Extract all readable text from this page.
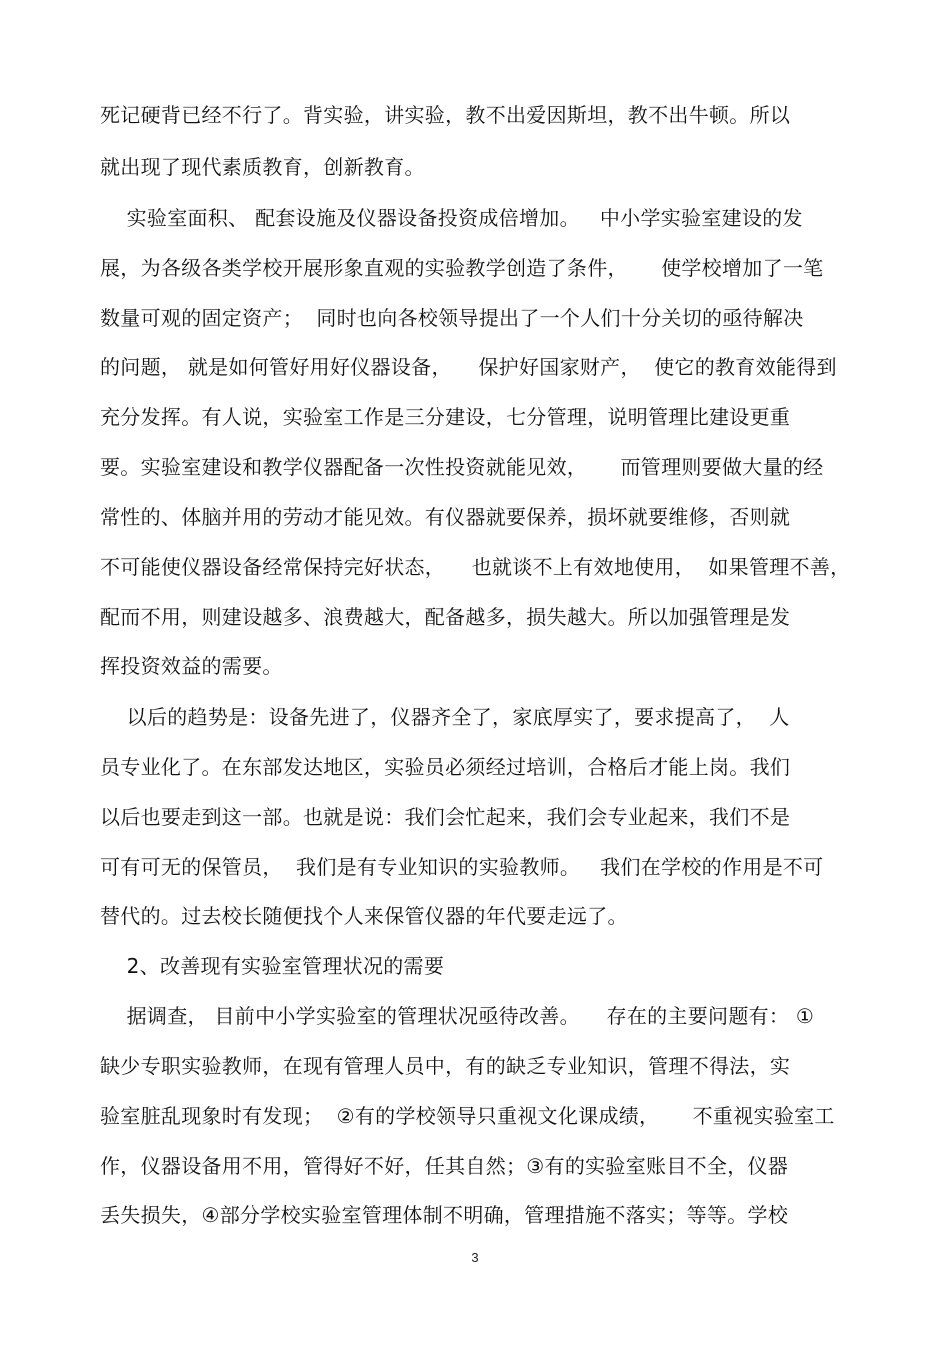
死记硬背已经不行了。背实验，讲实验，教不出爱因斯坦，教不出牛顿。所以
就出现了现代素质教育，创新教育。
实验室面积、 配套设施及仪器设备投资成倍增加。   中小学实验室建设的发
展，为各级各类学校开展形象直观的实验教学创造了条件，     使学校增加了一笔
数量可观的固定资产；  同时也向各校领导提出了一个人们十分关切的亟待解决
的问题， 就是如何管好用好仪器设备，    保护好国家财产，  使它的教育效能得到
充分发挥。有人说，实验室工作是三分建设，七分管理，说明管理比建设更重
要。实验室建设和教学仪器配备一次性投资就能见效，     而管理则要做大量的经
常性的、体脑并用的劳动才能见效。有仪器就要保养，损坏就要维修，否则就
不可能使仪器设备经常保持完好状态，    也就谈不上有效地使用，  如果管理不善，
配而不用，则建设越多、浪费越大，配备越多，损失越大。所以加强管理是发
挥投资效益的需要。
以后的趋势是：设备先进了，仪器齐全了，家底厚实了，要求提高了，  人
员专业化了。在东部发达地区，实验员必须经过培训，合格后才能上岗。我们
以后也要走到这一部。也就是说：我们会忙起来，我们会专业起来，我们不是
可有可无的保管员，  我们是有专业知识的实验教师。   我们在学校的作用是不可
替代的。过去校长随便找个人来保管仪器的年代要走远了。
2、改善现有实验室管理状况的需要
据调查， 目前中小学实验室的管理状况亟待改善。    存在的主要问题有： ①
缺少专职实验教师，在现有管理人员中，有的缺乏专业知识，管理不得法，实
验室脏乱现象时有发现；  ②有的学校领导只重视文化课成绩，     不重视实验室工
作，仪器设备用不用，管得好不好，任其自然；③有的实验室账目不全，仪器
丢失损失，④部分学校实验室管理体制不明确，管理措施不落实；等等。学校
3
